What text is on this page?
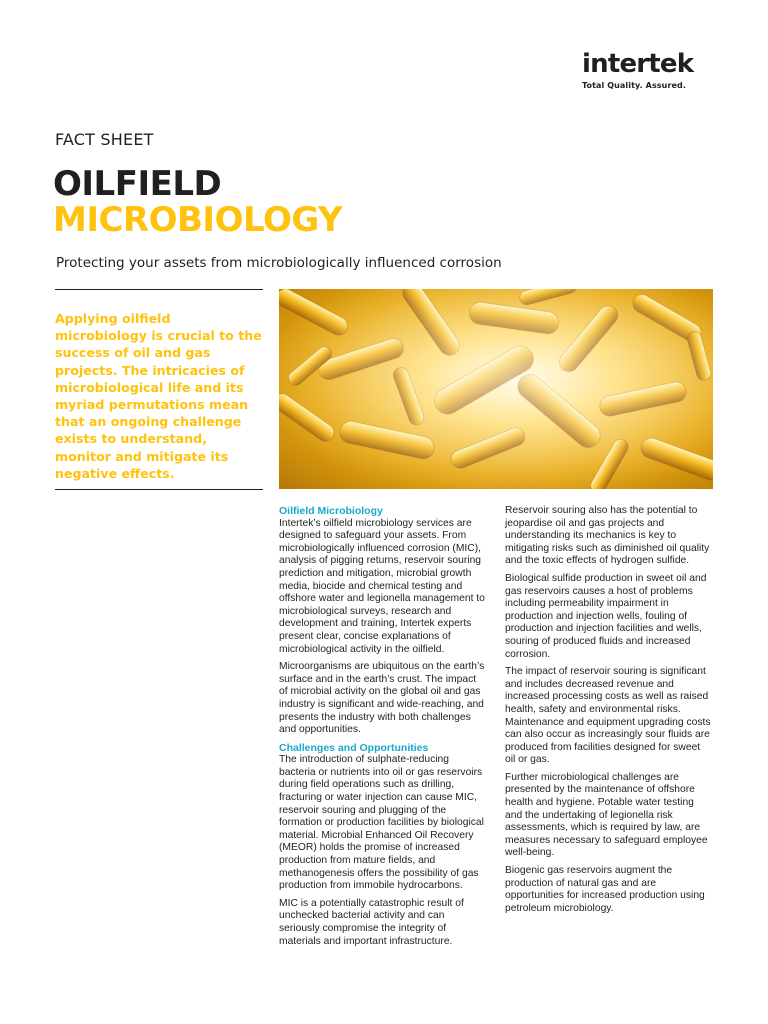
intertek
Total Quality. Assured.
FACT SHEET
OILFIELD
MICROBIOLOGY
Protecting your assets from microbiologically influenced corrosion

Applying oilfield microbiology is crucial to the success of oil and gas projects. The intricacies of microbiological life and its myriad permutations mean that an ongoing challenge exists to understand, monitor and mitigate its negative effects.

Oilfield Microbiology

Intertek’s oilfield microbiology services are designed to safeguard your assets. From microbiologically influenced corrosion (MIC), analysis of pigging returns, reservoir souring prediction and mitigation, microbial growth media, biocide and chemical testing and offshore water and legionella management to microbiological surveys, research and development and training, Intertek experts present clear, concise explanations of microbiological activity in the oilfield.

Microorganisms are ubiquitous on the earth’s surface and in the earth’s crust. The impact of microbial activity on the global oil and gas industry is significant and wide-reaching, and presents the industry with both challenges and opportunities.

Challenges and Opportunities

The introduction of sulphate-reducing bacteria or nutrients into oil or gas reservoirs during field operations such as drilling, fracturing or water injection can cause MIC, reservoir souring and plugging of the formation or production facilities by biological material. Microbial Enhanced Oil Recovery (MEOR) holds the promise of increased production from mature fields, and methanogenesis offers the possibility of gas production from immobile hydrocarbons.

MIC is a potentially catastrophic result of unchecked bacterial activity and can seriously compromise the integrity of materials and important infrastructure.

Reservoir souring also has the potential to jeopardise oil and gas projects and understanding its mechanics is key to mitigating risks such as diminished oil quality and the toxic effects of hydrogen sulfide.

Biological sulfide production in sweet oil and gas reservoirs causes a host of problems including permeability impairment in production and injection wells, fouling of production and injection facilities and wells, souring of produced fluids and increased corrosion.

The impact of reservoir souring is significant and includes decreased revenue and increased processing costs as well as raised health, safety and environmental risks. Maintenance and equipment upgrading costs can also occur as increasingly sour fluids are produced from facilities designed for sweet oil or gas.

Further microbiological challenges are presented by the maintenance of offshore health and hygiene. Potable water testing and the undertaking of legionella risk assessments, which is required by law, are measures necessary to safeguard employee well-being.

Biogenic gas reservoirs augment the production of natural gas and are opportunities for increased production using petroleum microbiology.
